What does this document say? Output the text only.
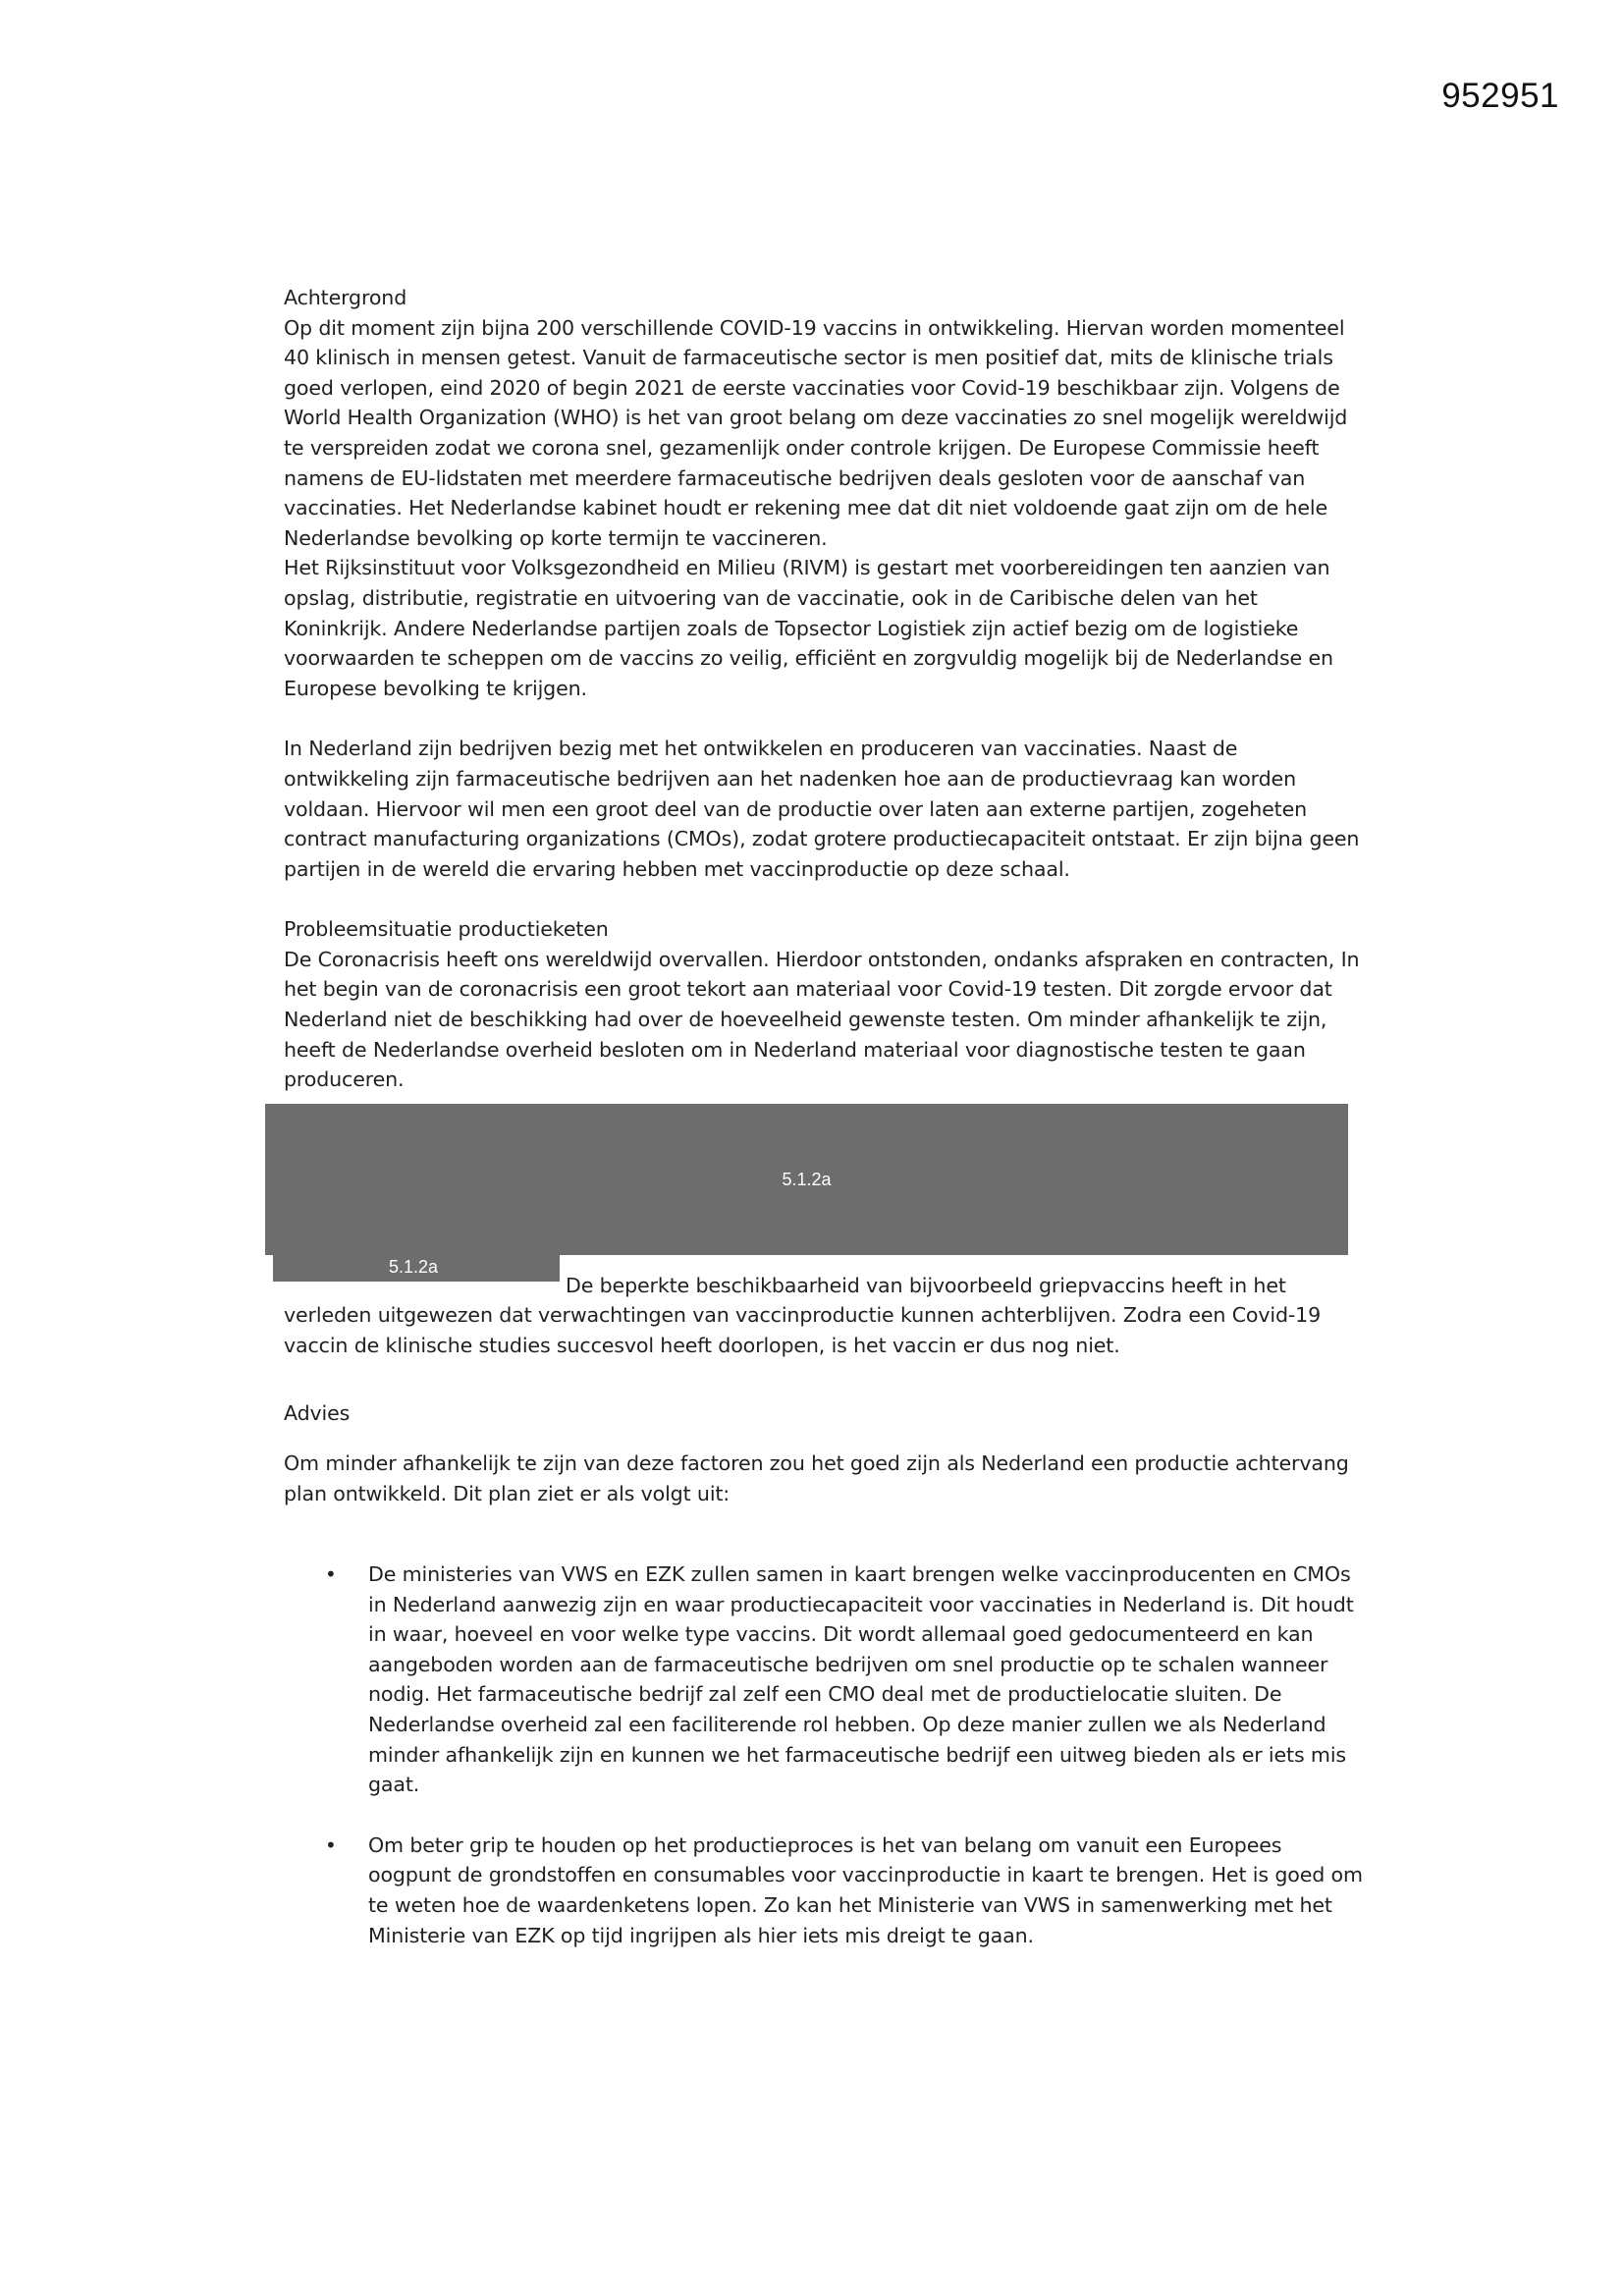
952951

Achtergrond

Op dit moment zijn bijna 200 verschillende COVID-19 vaccins in ontwikkeling. Hiervan worden momenteel 40 klinisch in mensen getest. Vanuit de farmaceutische sector is men positief dat, mits de klinische trials goed verlopen, eind 2020 of begin 2021 de eerste vaccinaties voor Covid-19 beschikbaar zijn. Volgens de World Health Organization (WHO) is het van groot belang om deze vaccinaties zo snel mogelijk wereldwijd te verspreiden zodat we corona snel, gezamenlijk onder controle krijgen. De Europese Commissie heeft namens de EU-lidstaten met meerdere farmaceutische bedrijven deals gesloten voor de aanschaf van vaccinaties. Het Nederlandse kabinet houdt er rekening mee dat dit niet voldoende gaat zijn om de hele Nederlandse bevolking op korte termijn te vaccineren.

Het Rijksinstituut voor Volksgezondheid en Milieu (RIVM) is gestart met voorbereidingen ten aanzien van opslag, distributie, registratie en uitvoering van de vaccinatie, ook in de Caribische delen van het Koninkrijk. Andere Nederlandse partijen zoals de Topsector Logistiek zijn actief bezig om de logistieke voorwaarden te scheppen om de vaccins zo veilig, efficiënt en zorgvuldig mogelijk bij de Nederlandse en Europese bevolking te krijgen.

In Nederland zijn bedrijven bezig met het ontwikkelen en produceren van vaccinaties. Naast de ontwikkeling zijn farmaceutische bedrijven aan het nadenken hoe aan de productievraag kan worden voldaan. Hiervoor wil men een groot deel van de productie over laten aan externe partijen, zogeheten contract manufacturing organizations (CMOs), zodat grotere productiecapaciteit ontstaat. Er zijn bijna geen partijen in de wereld die ervaring hebben met vaccinproductie op deze schaal.

Probleemsituatie productieketen

De Coronacrisis heeft ons wereldwijd overvallen. Hierdoor ontstonden, ondanks afspraken en contracten, In het begin van de coronacrisis een groot tekort aan materiaal voor Covid-19 testen. Dit zorgde ervoor dat Nederland niet de beschikking had over de hoeveelheid gewenste testen. Om minder afhankelijk te zijn, heeft de Nederlandse overheid besloten om in Nederland materiaal voor diagnostische testen te gaan produceren.

5.1.2a

De beperkte beschikbaarheid van bijvoorbeeld griepvaccins heeft in het verleden uitgewezen dat verwachtingen van vaccinproductie kunnen achterblijven. Zodra een Covid-19 vaccin de klinische studies succesvol heeft doorlopen, is het vaccin er dus nog niet.

5.1.2a

Advies

Om minder afhankelijk te zijn van deze factoren zou het goed zijn als Nederland een productie achtervang plan ontwikkeld. Dit plan ziet er als volgt uit:

• De ministeries van VWS en EZK zullen samen in kaart brengen welke vaccinproducenten en CMOs in Nederland aanwezig zijn en waar productiecapaciteit voor vaccinaties in Nederland is. Dit houdt in waar, hoeveel en voor welke type vaccins. Dit wordt allemaal goed gedocumenteerd en kan aangeboden worden aan de farmaceutische bedrijven om snel productie op te schalen wanneer nodig. Het farmaceutische bedrijf zal zelf een CMO deal met de productielocatie sluiten. De Nederlandse overheid zal een faciliterende rol hebben. Op deze manier zullen we als Nederland minder afhankelijk zijn en kunnen we het farmaceutische bedrijf een uitweg bieden als er iets mis gaat.
• Om beter grip te houden op het productieproces is het van belang om vanuit een Europees oogpunt de grondstoffen en consumables voor vaccinproductie in kaart te brengen. Het is goed om te weten hoe de waardenketens lopen. Zo kan het Ministerie van VWS in samenwerking met het Ministerie van EZK op tijd ingrijpen als hier iets mis dreigt te gaan.
